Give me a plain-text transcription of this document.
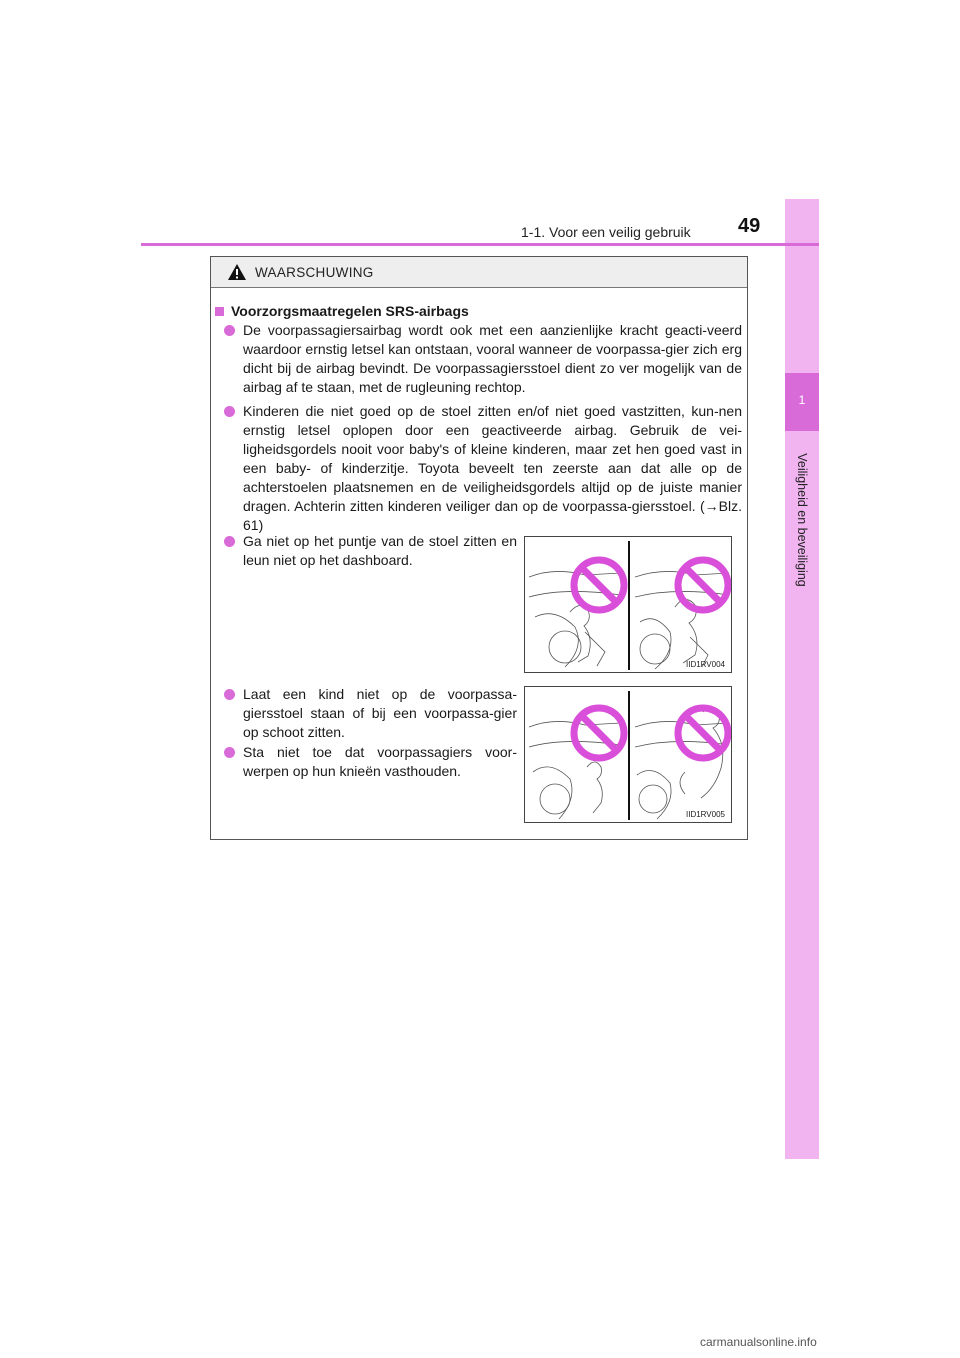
1
Veiligheid en beveiliging
1-1. Voor een veilig gebruik 49
WAARSCHUWING
Voorzorgsmaatregelen SRS-airbags
De voorpassagiersairbag wordt ook met een aanzienlijke kracht geacti-veerd waardoor ernstig letsel kan ontstaan, vooral wanneer de voorpassa-gier zich erg dicht bij de airbag bevindt. De voorpassagiersstoel dient zo ver mogelijk van de airbag af te staan, met de rugleuning rechtop.
Kinderen die niet goed op de stoel zitten en/of niet goed vastzitten, kun-nen ernstig letsel oplopen door een geactiveerde airbag. Gebruik de vei-ligheidsgordels nooit voor baby's of kleine kinderen, maar zet hen goed vast in een baby- of kinderzitje. Toyota beveelt ten zeerste aan dat alle op de achterstoelen plaatsnemen en de veiligheidsgordels altijd op de juiste manier dragen. Achterin zitten kinderen veiliger dan op de voorpassa-giersstoel. (→Blz. 61)
Ga niet op het puntje van de stoel zitten en leun niet op het dashboard.
Laat een kind niet op de voorpassa-giersstoel staan of bij een voorpassa-gier op schoot zitten.
Sta niet toe dat voorpassagiers voor-werpen op hun knieën vasthouden.
IID1RV004
IID1RV005
carmanualsonline.info
